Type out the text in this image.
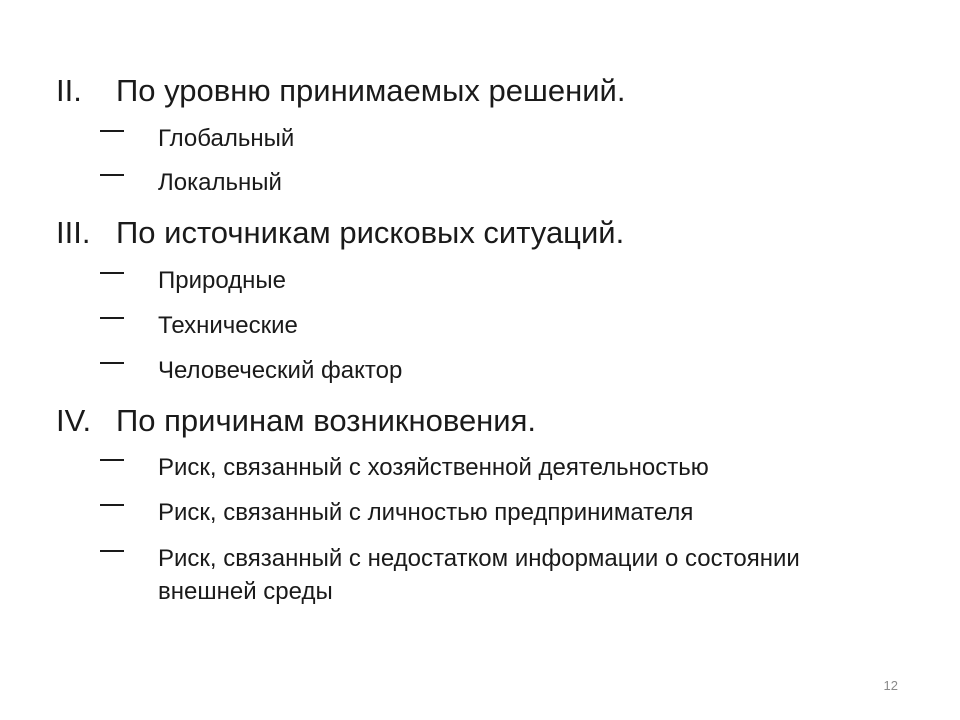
II. По уровню принимаемых решений.
Глобальный
Локальный
III. По источникам рисковых ситуаций.
Природные
Технические
Человеческий фактор
IV. По причинам возникновения.
Риск, связанный с хозяйственной деятельностью
Риск, связанный с личностью предпринимателя
Риск, связанный с недостатком информации о состоянии внешней среды
12
